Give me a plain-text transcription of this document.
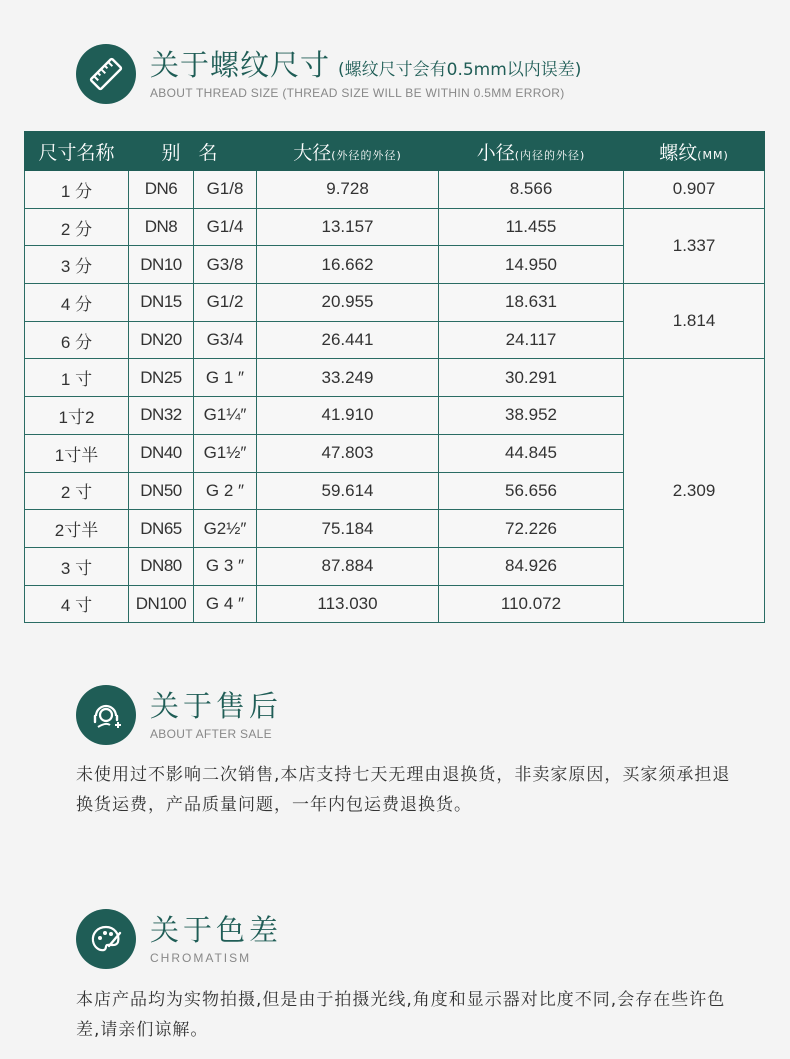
关于螺纹尺寸 (螺纹尺寸会有0.5mm以内误差)
ABOUT THREAD SIZE (THREAD SIZE WILL BE WITHIN 0.5MM ERROR)
尺寸名称	别 名		大径(外径的外径)	小径(内径的外径)	螺纹(MM)
1 分	DN6	G1/8	9.728	8.566	0.907
2 分	DN8	G1/4	13.157	11.455	1.337
3 分	DN10	G3/8	16.662	14.950	
4 分	DN15	G1/2	20.955	18.631	1.814
6 分	DN20	G3/4	26.441	24.117	
1 寸	DN25	G 1 ″	33.249	30.291	2.309
1寸2	DN32	G1¼″	41.910	38.952	
1寸半	DN40	G1½″	47.803	44.845	
2 寸	DN50	G 2 ″	59.614	56.656	
2寸半	DN65	G2½″	75.184	72.226	
3 寸	DN80	G 3 ″	87.884	84.926	
4 寸	DN100	G 4 ″	113.030	110.072	
关于售后
ABOUT AFTER SALE
未使用过不影响二次销售,本店支持七天无理由退换货，非卖家原因，买家须承担退换货运费，产品质量问题，一年内包运费退换货。
关于色差
CHROMATISM
本店产品均为实物拍摄,但是由于拍摄光线,角度和显示器对比度不同,会存在些许色差,请亲们谅解。
